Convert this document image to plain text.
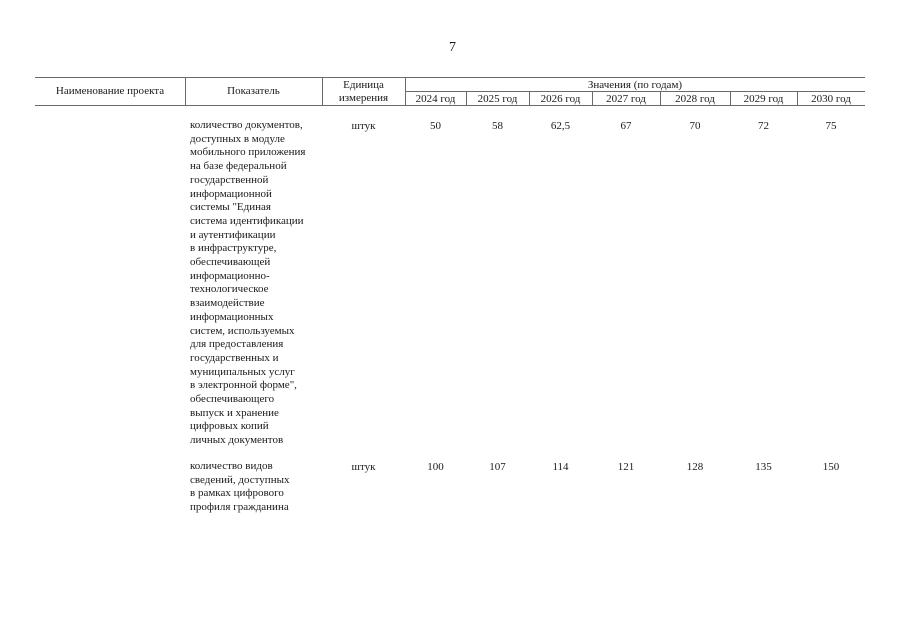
7
Наименование проекта	Показатель	Единица
измерения
Значения (по годам)
2024 год	2025 год	2026 год	2027 год	2028 год	2029 год	2030 год
количество документов,
доступных в модуле
мобильного приложения
на базе федеральной
государственной
информационной
системы "Единая
система идентификации
и аутентификации
в инфраструктуре,
обеспечивающей
информационно-
технологическое
взаимодействие
информационных
систем, используемых
для предоставления
государственных и
муниципальных услуг
в электронной форме",
обеспечивающего
выпуск и хранение
цифровых копий
личных документов
штук	50	58	62,5	67	70	72	75
количество видов
сведений, доступных
в рамках цифрового
профиля гражданина
штук	100	107	114	121	128	135	150
